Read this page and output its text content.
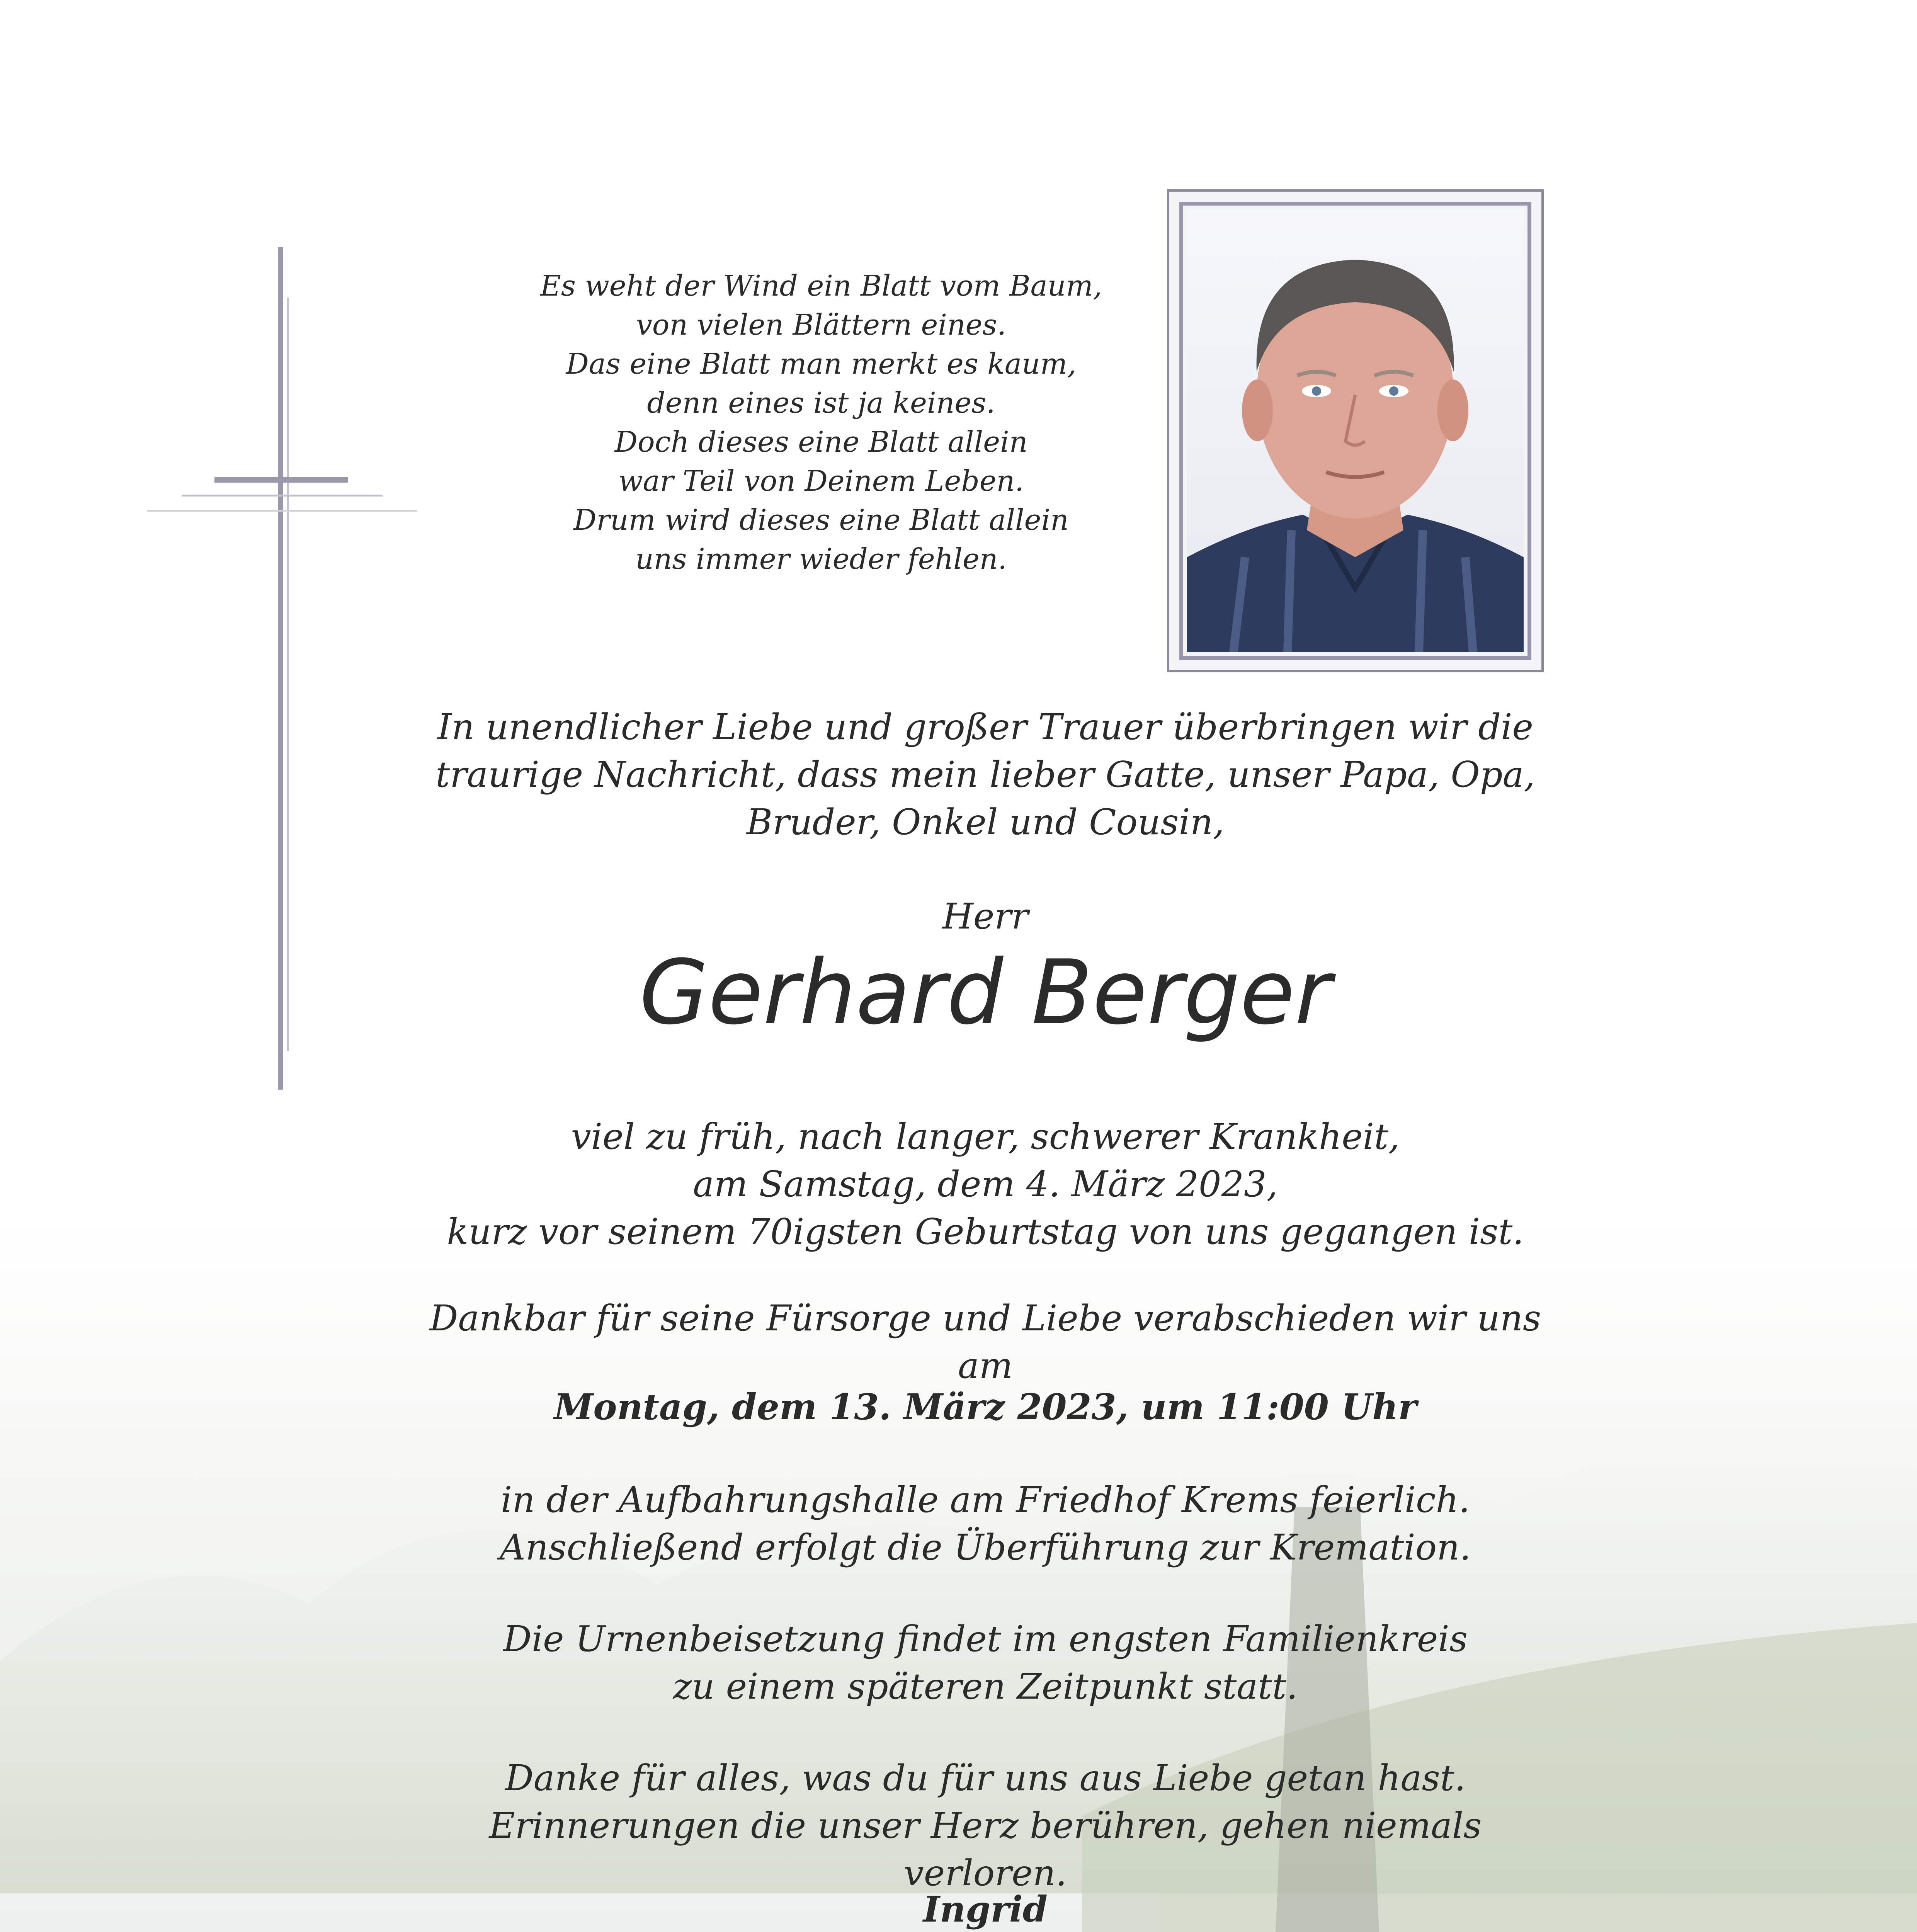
Es weht der Wind ein Blatt vom Baum,
von vielen Blättern eines.
Das eine Blatt man merkt es kaum,
denn eines ist ja keines.
Doch dieses eine Blatt allein
war Teil von Deinem Leben.
Drum wird dieses eine Blatt allein
uns immer wieder fehlen.
In unendlicher Liebe und großer Trauer überbringen wir die
traurige Nachricht, dass mein lieber Gatte, unser Papa, Opa,
Bruder, Onkel und Cousin,
Herr
Gerhard Berger
viel zu früh, nach langer, schwerer Krankheit,
am Samstag, dem 4. März 2023,
kurz vor seinem 70igsten Geburtstag von uns gegangen ist.
Dankbar für seine Fürsorge und Liebe verabschieden wir uns am
Montag, dem 13. März 2023, um 11:00 Uhr
in der Aufbahrungshalle am Friedhof Krems feierlich.
Anschließend erfolgt die Überführung zur Kremation.
Die Urnenbeisetzung findet im engsten Familienkreis
zu einem späteren Zeitpunkt statt.
Danke für alles, was du für uns aus Liebe getan hast.
Erinnerungen die unser Herz berühren, gehen niemals verloren.
Ingrid
